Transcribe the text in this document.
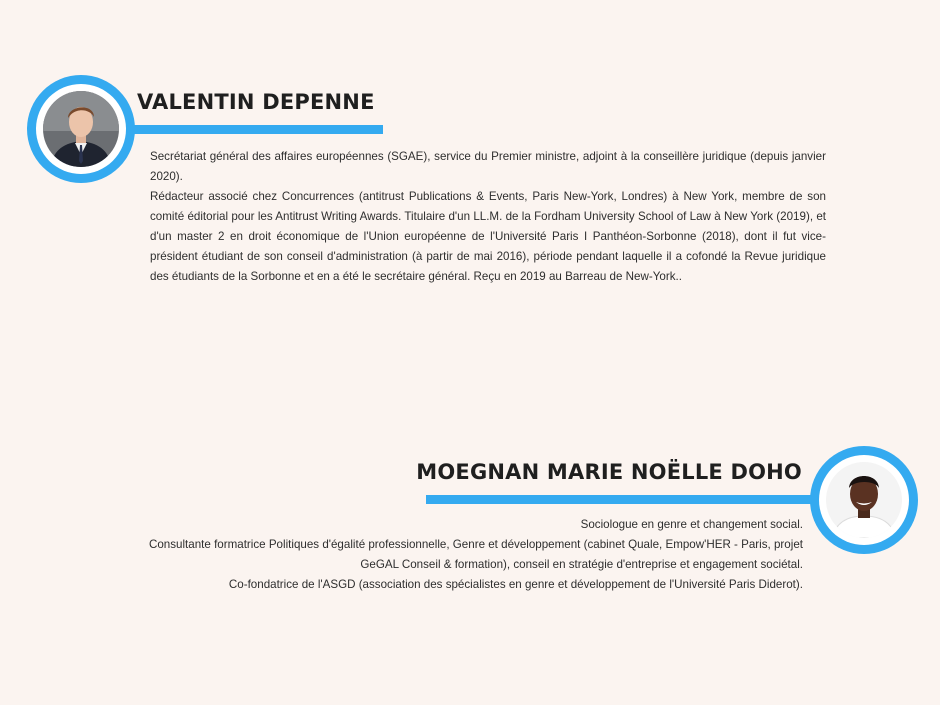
VALENTIN DEPENNE

Secrétariat général des affaires européennes (SGAE), service du Premier ministre, adjoint à la conseillère juridique (depuis janvier 2020).

Rédacteur associé chez Concurrences (antitrust Publications & Events, Paris New-York, Londres) à New York, membre de son comité éditorial pour les Antitrust Writing Awards. Titulaire d'un LL.M. de la Fordham University School of Law à New York (2019), et d'un master 2 en droit économique de l'Union européenne de l'Université Paris I Panthéon-Sorbonne (2018), dont il fut vice-président étudiant de son conseil d'administration (à partir de mai 2016), période pendant laquelle il a cofondé la Revue juridique des étudiants de la Sorbonne et en a été le secrétaire général. Reçu en 2019 au Barreau de New-York..

MOEGNAN MARIE NOËLLE DOHO

Sociologue en genre et changement social.

Consultante formatrice Politiques d'égalité professionnelle, Genre et développement (cabinet Quale, Empow'HER - Paris, projet GeGAL Conseil & formation), conseil en stratégie d'entreprise et engagement sociétal.

Co-fondatrice de l'ASGD (association des spécialistes en genre et développement de l'Université Paris Diderot).
